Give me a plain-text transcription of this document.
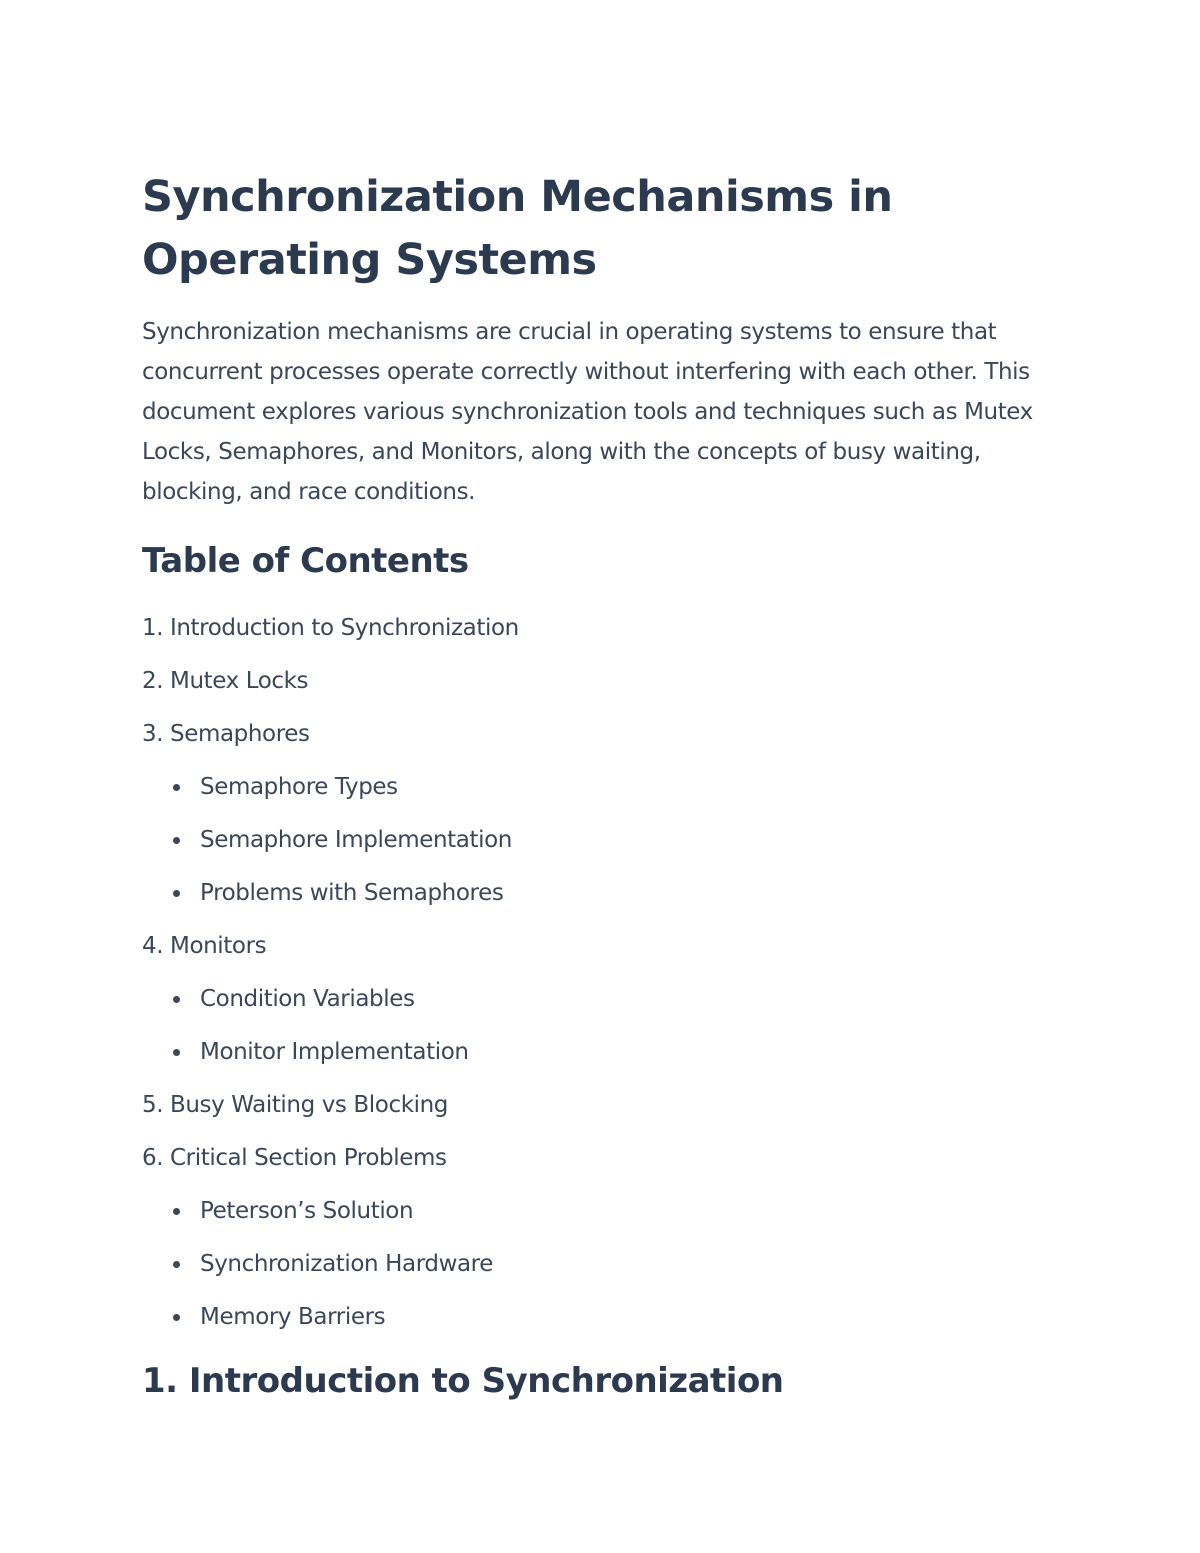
Synchronization Mechanisms in Operating Systems

Synchronization mechanisms are crucial in operating systems to ensure that concurrent processes operate correctly without interfering with each other. This document explores various synchronization tools and techniques such as Mutex Locks, Semaphores, and Monitors, along with the concepts of busy waiting, blocking, and race conditions.

Table of Contents
1. Introduction to Synchronization
2. Mutex Locks
3. Semaphores
Semaphore Types
Semaphore Implementation
Problems with Semaphores
4. Monitors
Condition Variables
Monitor Implementation
5. Busy Waiting vs Blocking
6. Critical Section Problems
Peterson’s Solution
Synchronization Hardware
Memory Barriers
1. Introduction to Synchronization
